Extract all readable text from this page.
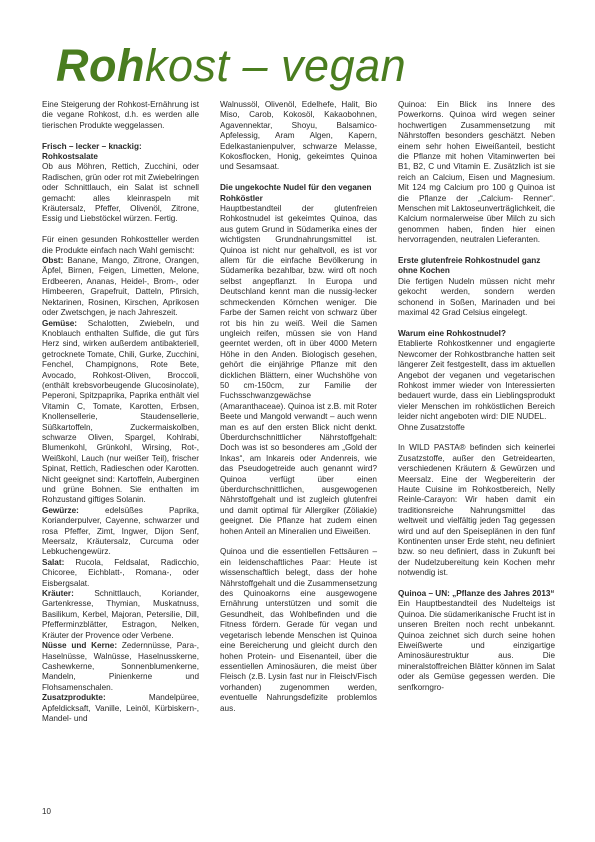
Rohkost – vegan

Eine Steigerung der Rohkost-Ernährung ist die vegane Rohkost, d.h. es werden alle tierischen Produkte weggelassen.

Frisch – lecker – knackig: Rohkostsalate

Ob aus Möhren, Rettich, Zucchini, oder Radischen, grün oder rot mit Zwiebelringen oder Schnittlauch, ein Salat ist schnell gemacht: alles kleinraspeln mit Kräutersalz, Pfeffer, Olivenöl, Zitrone, Essig und Liebstöckel würzen. Fertig.

Für einen gesunden Rohkostteller werden die Produkte einfach nach Wahl gemischt:

Obst: Banane, Mango, Zitrone, Orangen, Äpfel, Birnen, Feigen, Limetten, Melone, Erdbeeren, Ananas, Heidel-, Brom-, oder Himbeeren, Grapefruit, Datteln, Pfirsich, Nektarinen, Rosinen, Kirschen, Aprikosen oder Zwetschgen, je nach Jahreszeit.

Gemüse: Schalotten, Zwiebeln, und Knoblauch enthalten Sulfide, die gut fürs Herz sind, wirken außerdem antibakteriell, getrocknete Tomate, Chili, Gurke, Zucchini, Fenchel, Champignons, Rote Bete, Avocado, Rohkost-Oliven, Broccoli, (enthält krebsvorbeugende Glucosinolate), Peperoni, Spitzpaprika, Paprika enthält viel Vitamin C, Tomate, Karotten, Erbsen, Knollensellerie, Staudensellerie, Süßkartoffeln, Zuckermaiskolben, schwarze Oliven, Spargel, Kohlrabi, Blumenkohl, Grünkohl, Wirsing, Rot-, Weißkohl, Lauch (nur weißer Teil), frischer Spinat, Rettich, Radieschen oder Karotten. Nicht geeignet sind: Kartoffeln, Auberginen und grüne Bohnen. Sie enthalten im Rohzustand giftiges Solanin.

Gewürze: edelsüßes Paprika, Korianderpulver, Cayenne, schwarzer und rosa Pfeffer, Zimt, Ingwer, Dijon Senf, Meersalz, Kräutersalz, Curcuma oder Lebkuchengewürz.

Salat: Rucola, Feldsalat, Radicchio, Chicoree, Eichblatt-, Romana-, oder Eisbergsalat.

Kräuter: Schnittlauch, Koriander, Gartenkresse, Thymian, Muskatnuss, Basilikum, Kerbel, Majoran, Petersilie, Dill, Pfefferminzblätter, Estragon, Nelken, Kräuter der Provence oder Verbene.

Nüsse und Kerne: Zedernnüsse, Para-, Haselnüsse, Walnüsse, Haselnusskerne, Cashewkerne, Sonnenblumenkerne, Mandeln, Pinienkerne und Flohsamenschalen.

Zusatzprodukte: Mandelpüree, Apfeldicksaft, Vanille, Leinöl, Kürbiskern-, Mandel- und

Walnussöl, Olivenöl, Edelhefe, Halit, Bio Miso, Carob, Kokosöl, Kakaobohnen, Agavennektar, Shoyu, Balsamico- Apfelessig, Aram Algen, Kapern, Edelkastanienpulver, schwarze Melasse, Kokosflocken, Honig, gekeimtes Quinoa und Sesamsaat.

Die ungekochte Nudel für den veganen Rohköstler

Hauptbestandteil der glutenfreien Rohkostnudel ist gekeimtes Quinoa, das aus gutem Grund in Südamerika eines der wichtigsten Grundnahrungsmittel ist. Quinoa ist nicht nur gehaltvoll, es ist vor allem für die einfache Bevölkerung in Südamerika bezahlbar, bzw. wird oft noch selbst angepflanzt. In Europa und Deutschland kennt man die nussig-lecker schmeckenden Körnchen weniger. Die Farbe der Samen reicht von schwarz über rot bis hin zu weiß. Weil die Samen ungleich reifen, müssen sie von Hand geerntet werden, oft in über 4000 Metern Höhe in den Anden. Biologisch gesehen, gehört die einjährige Pflanze mit den dicklichen Blättern, einer Wuchshöhe von 50 cm-150cm, zur Familie der Fuchsschwanzgewächse (Amaranthaceae). Quinoa ist z.B. mit Roter Beete und Mangold verwandt – auch wenn man es auf den ersten Blick nicht denkt. Überdurchschnittlicher Nährstoffgehalt: Doch was ist so besonderes am „Gold der Inkas“, am Inkareis oder Andenreis, wie das Pseudogetreide auch genannt wird? Quinoa verfügt über einen überdurchschnittlichen, ausgewogenen Nährstoffgehalt und ist zugleich glutenfrei und damit optimal für Allergiker (Zöliakie) geeignet. Die Pflanze hat zudem einen hohen Anteil an Mineralien und Eiweißen.

Quinoa und die essentiellen Fettsäuren – ein leidenschaftliches Paar: Heute ist wissenschaftlich belegt, dass der hohe Nährstoffgehalt und die Zusammensetzung des Quinoakorns eine ausgewogene Ernährung unterstützen und somit die Gesundheit, das Wohlbefinden und die Fitness fördern. Gerade für vegan und vegetarisch lebende Menschen ist Quinoa eine Bereicherung und gleicht durch den hohen Protein- und Eisenanteil, über die essentiellen Aminosäuren, die meist über Fleisch (z.B. Lysin fast nur in Fleisch/Fisch vorhanden) zugenommen werden, eventuelle Nahrungsdefizite problemlos aus.

Quinoa: Ein Blick ins Innere des Powerkorns. Quinoa wird wegen seiner hochwertigen Zusammensetzung mit Nährstoffen besonders geschätzt. Neben einem sehr hohen Eiweißanteil, besticht die Pflanze mit hohen Vitaminwerten bei B1, B2, C und Vitamin E. Zusätzlich ist sie reich an Calcium, Eisen und Magnesium. Mit 124 mg Calcium pro 100 g Quinoa ist die Pflanze der „Calcium- Renner“. Menschen mit Laktoseunverträglichkeit, die Kalcium normalerweise über Milch zu sich genommen haben, finden hier einen hervorragenden, neutralen Lieferanten.

Erste glutenfreie Rohkostnudel ganz ohne Kochen

Die fertigen Nudeln müssen nicht mehr gekocht werden, sondern werden schonend in Soßen, Marinaden und bei maximal 42 Grad Celsius eingelegt.

Warum eine Rohkostnudel?

Etablierte Rohkostkenner und engagierte Newcomer der Rohkostbranche hatten seit längerer Zeit festgestellt, dass im aktuellen Angebot der veganen und vegetarischen Rohkost immer wieder von Interessierten bedauert wurde, dass ein Lieblingsprodukt vieler Menschen im rohköstlichen Bereich leider nicht angeboten wird: DIE NUDEL.

Ohne Zusatzstoffe

In WILD PASTA® befinden sich keinerlei Zusatzstoffe, außer den Getreidearten, verschiedenen Kräutern & Gewürzen und Meersalz. Eine der Wegbereiterin der Haute Cuisine im Rohkostbereich, Nelly Reinle-Carayon: Wir haben damit ein traditionsreiche Nahrungsmittel das weltweit und vielfältig jeden Tag gegessen wird und auf den Speiseplänen in den fünf Kontinenten unser Erde steht, neu definiert bzw. so neu definiert, dass in Zukunft bei der Nudelzubereitung kein Kochen mehr notwendig ist.

Quinoa – UN: „Pflanze des Jahres 2013“

Ein Hauptbestandteil des Nudelteigs ist Quinoa. Die südamerikanische Frucht ist in unseren Breiten noch recht unbekannt. Quinoa zeichnet sich durch seine hohen Eiweißwerte und einzigartige Aminosäurestruktur aus. Die mineralstoffreichen Blätter können im Salat oder als Gemüse gegessen werden. Die senfkorngro-

10
